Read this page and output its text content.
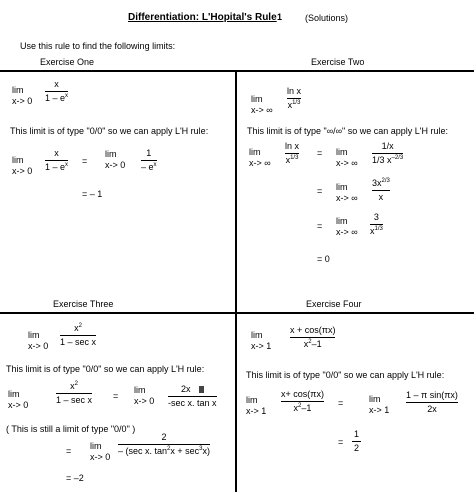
Differentiation: L'Hopital's Rule 1	(Solutions)
Use this rule to find the following limits:
Exercise One	Exercise Two
Exercise Three	Exercise Four
lim
x-> 0
x
$1 - e^x$
This limit is of type "0/0" so we can apply L'H rule:
lim
x-> 0
x
$1 - e^x$ =
lim
x-> 0
1
– $e^x$
= – 1
lim
x-> ∞
ln x
$x^{1/3}$
This limit is of type "∞/∞" so we can apply L'H rule:
lim
x-> ∞
ln x
$x^{1/3} = \lim$
x-> ∞
1/x
1/3 $x^{-2/3}$
= lim
x-> ∞
$3x^{2/3}$
x
= lim
x-> ∞
3
$x^{1/3}$
= 0
lim
x-> 0
$x^2$
1 – sec x
This limit is of type "0/0" so we can apply L'H rule:
lim
x-> 0
$x^2$
1 – sec x =
lim
x-> 0
2x
-sec x. tan x
( This is still a limit of type "0/0" )
= lim
x-> 0
2
– (sec x. $\tan^2x + \sec^3x$)
= –2
lim
x-> 1
x + cos(πx)
$x^2-1$
This limit is of type "0/0" so we can apply L'H rule:
lim
x-> 1
x+ cos(πx)
$x^2-1$	=	lim
x-> 1
1 – π sin(πx)
2x
=
1
2
